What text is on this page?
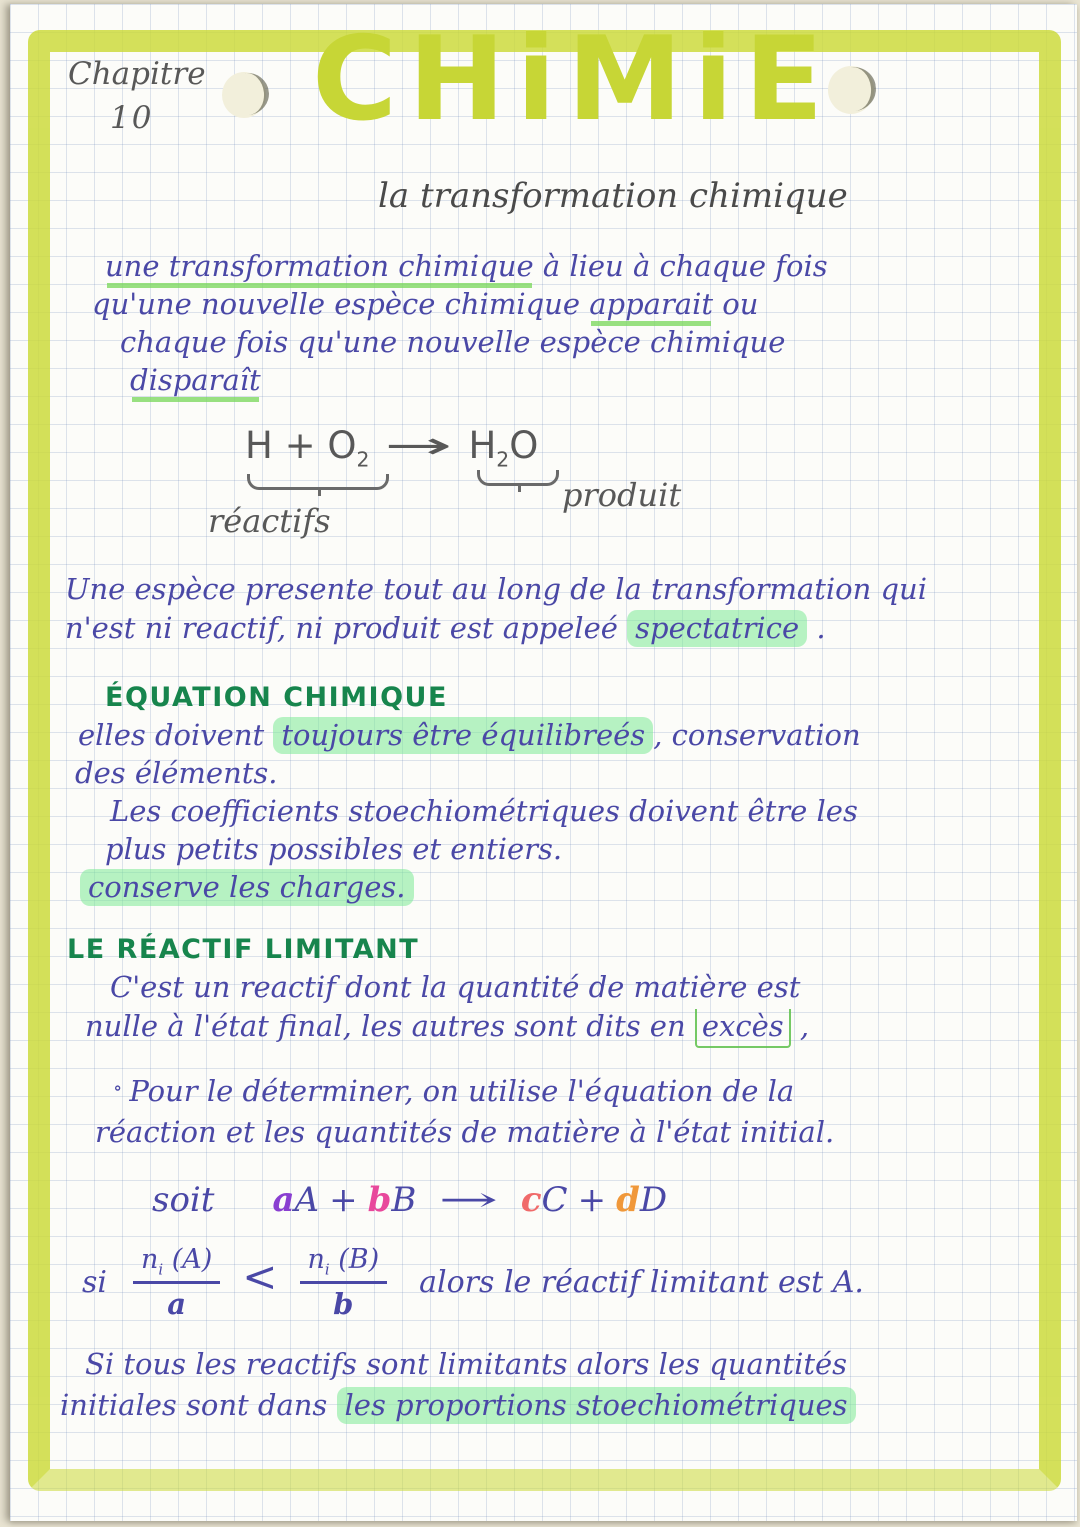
Chapitre
10	CHiMiE
la transformation chimique
une transformation chimique à lieu à chaque fois
qu'une nouvelle espèce chimique apparait ou
chaque fois qu'une nouvelle espèce chimique
disparaît
$H + O_2 \to H_2O$
réactifs
produit
Une espèce presente tout au long de la transformation qui
n'est ni reactif, ni produit est appeleé spectatrice .
ÉQUATION CHIMIQUE
elles doivent toujours être équilibreés , conservation
des éléments.
Les coefficients stoechiométriques doivent être les
plus petits possibles et entiers.
conserve les charges.
LE RÉACTIF LIMITANT
C'est un reactif dont la quantité de matière est
nulle à l'état final, les autres sont dits en excès ,
∘ Pour le déterminer, on utilise l'équation de la
réaction et les quantités de matière à l'état initial.
soit aA + bB → cC + dD
si $\frac{n_i (A)}{a} < \frac{n_i (B)}{b}$ alors le réactif limitant est A.
Si tous les reactifs sont limitants alors les quantités
initiales sont dans les proportions stoechiométriques
